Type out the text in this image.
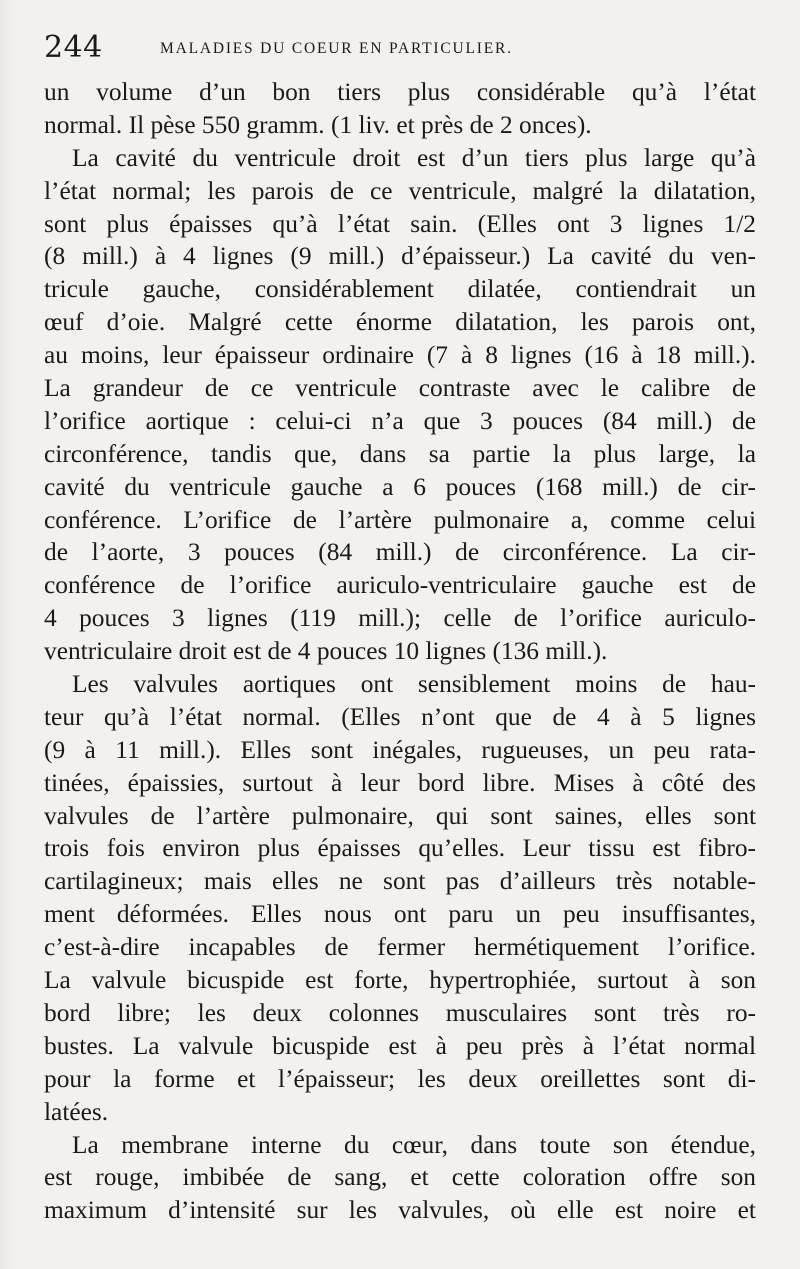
244	MALADIES DU COEUR EN PARTICULIER.
un volume d’un bon tiers plus considérable qu’à l’état
normal. Il pèse 550 gramm. (1 liv. et près de 2 onces).
La cavité du ventricule droit est d’un tiers plus large qu’à
l’état normal; les parois de ce ventricule, malgré la dilatation,
sont plus épaisses qu’à l’état sain. (Elles ont 3 lignes 1/2
(8 mill.) à 4 lignes (9 mill.) d’épaisseur.) La cavité du ven-
tricule gauche, considérablement dilatée, contiendrait un
œuf d’oie. Malgré cette énorme dilatation, les parois ont,
au moins, leur épaisseur ordinaire (7 à 8 lignes (16 à 18 mill.).
La grandeur de ce ventricule contraste avec le calibre de
l’orifice aortique : celui-ci n’a que 3 pouces (84 mill.) de
circonférence, tandis que, dans sa partie la plus large, la
cavité du ventricule gauche a 6 pouces (168 mill.) de cir-
conférence. L’orifice de l’artère pulmonaire a, comme celui
de l’aorte, 3 pouces (84 mill.) de circonférence. La cir-
conférence de l’orifice auriculo-ventriculaire gauche est de
4 pouces 3 lignes (119 mill.); celle de l’orifice auriculo-
ventriculaire droit est de 4 pouces 10 lignes (136 mill.).
Les valvules aortiques ont sensiblement moins de hau-
teur qu’à l’état normal. (Elles n’ont que de 4 à 5 lignes
(9 à 11 mill.). Elles sont inégales, rugueuses, un peu rata-
tinées, épaissies, surtout à leur bord libre. Mises à côté des
valvules de l’artère pulmonaire, qui sont saines, elles sont
trois fois environ plus épaisses qu’elles. Leur tissu est fibro-
cartilagineux; mais elles ne sont pas d’ailleurs très notable-
ment déformées. Elles nous ont paru un peu insuffisantes,
c’est-à-dire incapables de fermer hermétiquement l’orifice.
La valvule bicuspide est forte, hypertrophiée, surtout à son
bord libre; les deux colonnes musculaires sont très ro-
bustes. La valvule bicuspide est à peu près à l’état normal
pour la forme et l’épaisseur; les deux oreillettes sont di-
latées.
La membrane interne du cœur, dans toute son étendue,
est rouge, imbibée de sang, et cette coloration offre son
maximum d’intensité sur les valvules, où elle est noire et
